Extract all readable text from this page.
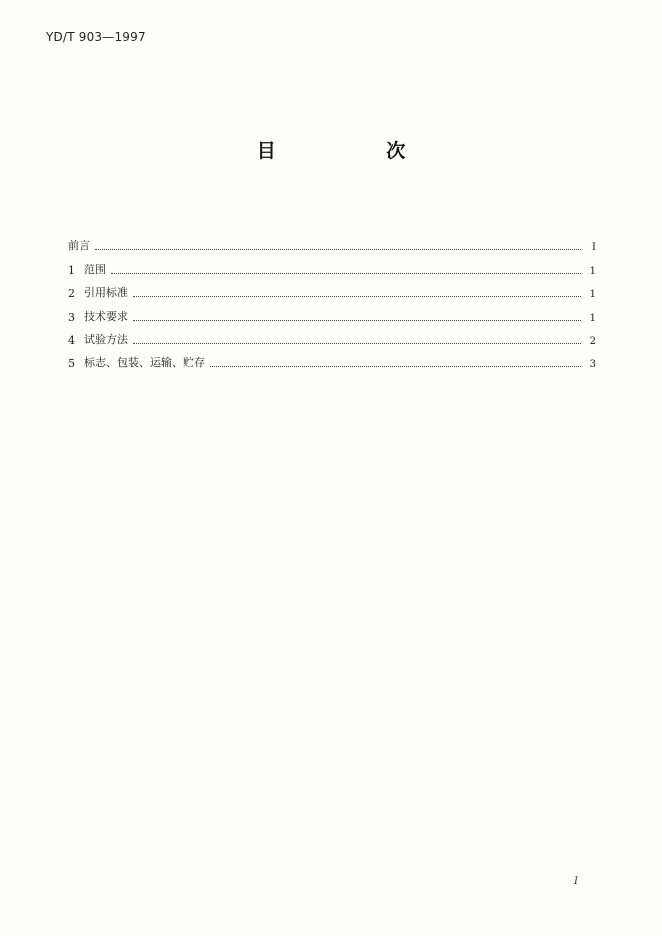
YD/T 903—1997
目 次
前言	Ⅰ
1 范围	1
2 引用标准	1
3 技术要求	1
4 试验方法	2
5 标志、包装、运输、贮存	3
I
